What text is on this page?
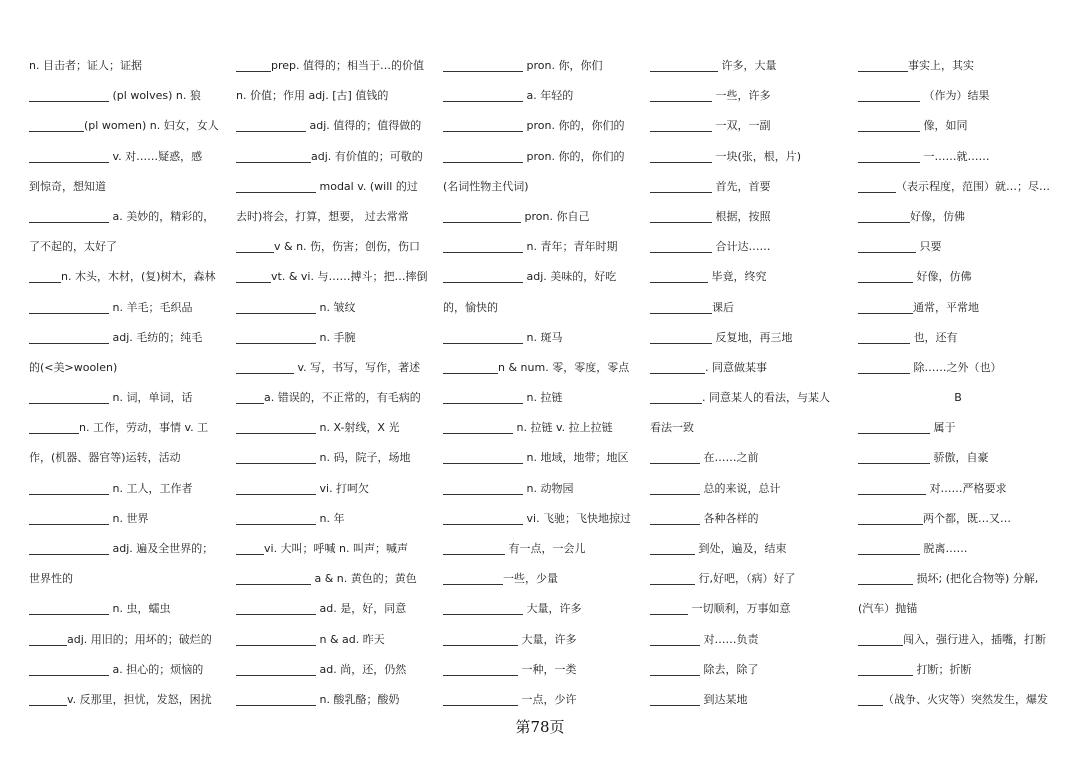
n. 目击者；证人；证据
(pl wolves) n. 狼
(pl women) n. 妇女，女人
v. 对……疑惑，感
到惊奇，想知道
a. 美妙的，精彩的，
了不起的，太好了
n. 木头，木材，(复)树木，森林
n. 羊毛；毛织品
adj. 毛纺的；纯毛
的(<美>woolen)
n. 词，单词，话
n. 工作，劳动，事情 v. 工
作，(机器、器官等)运转，活动
n. 工人，工作者
n. 世界
adj. 遍及全世界的；
世界性的
n. 虫，蠕虫
adj. 用旧的；用坏的；破烂的
a. 担心的；烦恼的
v. 反那里，担忧，发怒，困扰
prep. 值得的；相当于…的价值
n. 价值；作用 adj. [古] 值钱的
adj. 值得的；值得做的
adj. 有价值的；可敬的
modal v. (will 的过
去时)将会，打算，想要， 过去常常
v & n. 伤，伤害；创伤，伤口
vt. & vi. 与……搏斗；把…摔倒
n. 皱纹
n. 手腕
v. 写，书写，写作，著述
a. 错误的，不正常的，有毛病的
n. X-射线，X 光
n. 码，院子，场地
vi. 打呵欠
n. 年
vi. 大叫；呼喊 n. 叫声；喊声
a & n. 黄色的；黄色
ad. 是，好，同意
n & ad. 昨天
ad. 尚，还，仍然
n. 酸乳酪；酸奶
pron. 你，你们
a. 年轻的
pron. 你的，你们的
pron. 你的，你们的
(名词性物主代词)
pron. 你自己
n. 青年；青年时期
adj. 美味的，好吃
的，愉快的
n. 斑马
n & num. 零，零度，零点
n. 拉链
n. 拉链 v. 拉上拉链
n. 地域，地带；地区
n. 动物园
vi. 飞驰；飞快地掠过
有一点，一会儿
一些，少量
大量，许多
大量，许多
一种，一类
一点，少许
许多，大量
一些，许多
一双，一副
一块(张，根，片)
首先，首要
根据，按照
合计达……
毕竟，终究
课后
反复地，再三地
. 同意做某事
. 同意某人的看法，与某人
看法一致
在……之前
总的来说，总计
各种各样的
到处，遍及，结束
行,好吧，（病）好了
一切顺利，万事如意
对……负责
除去，除了
到达某地
事实上，其实
（作为）结果
像，如同
一……就……
（表示程度，范围）就…；尽…
好像，仿佛
只要
好像，仿佛
通常，平常地
也，还有
除……之外（也）
B
属于
骄傲，自豪
对……严格要求
两个都，既…又…
脱离……
损坏; (把化合物等) 分解,
(汽车）抛锚
闯入，强行进入，插嘴，打断
打断；折断
（战争、火灾等）突然发生，爆发
第78页
